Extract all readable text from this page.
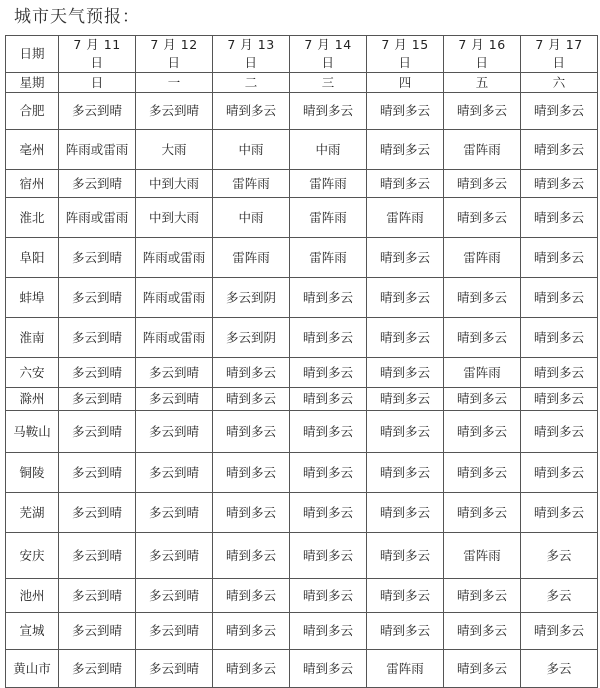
城市天气预报：
日期	7 月 11 日	7 月 12 日	7 月 13 日	7 月 14 日	7 月 15 日	7 月 16 日	7 月 17 日
星期	日	一	二	三	四	五	六
合肥	多云到晴	多云到晴	晴到多云	晴到多云	晴到多云	晴到多云	晴到多云
亳州	阵雨或雷雨	大雨	中雨	中雨	晴到多云	雷阵雨	晴到多云
宿州	多云到晴	中到大雨	雷阵雨	雷阵雨	晴到多云	晴到多云	晴到多云
淮北	阵雨或雷雨	中到大雨	中雨	雷阵雨	雷阵雨	晴到多云	晴到多云
阜阳	多云到晴	阵雨或雷雨	雷阵雨	雷阵雨	晴到多云	雷阵雨	晴到多云
蚌埠	多云到晴	阵雨或雷雨	多云到阴	晴到多云	晴到多云	晴到多云	晴到多云
淮南	多云到晴	阵雨或雷雨	多云到阴	晴到多云	晴到多云	晴到多云	晴到多云
六安	多云到晴	多云到晴	晴到多云	晴到多云	晴到多云	雷阵雨	晴到多云
滁州	多云到晴	多云到晴	晴到多云	晴到多云	晴到多云	晴到多云	晴到多云
马鞍山	多云到晴	多云到晴	晴到多云	晴到多云	晴到多云	晴到多云	晴到多云
铜陵	多云到晴	多云到晴	晴到多云	晴到多云	晴到多云	晴到多云	晴到多云
芜湖	多云到晴	多云到晴	晴到多云	晴到多云	晴到多云	晴到多云	晴到多云
安庆	多云到晴	多云到晴	晴到多云	晴到多云	晴到多云	雷阵雨	多云
池州	多云到晴	多云到晴	晴到多云	晴到多云	晴到多云	晴到多云	多云
宣城	多云到晴	多云到晴	晴到多云	晴到多云	晴到多云	晴到多云	晴到多云
黄山市	多云到晴	多云到晴	晴到多云	晴到多云	雷阵雨	晴到多云	多云
